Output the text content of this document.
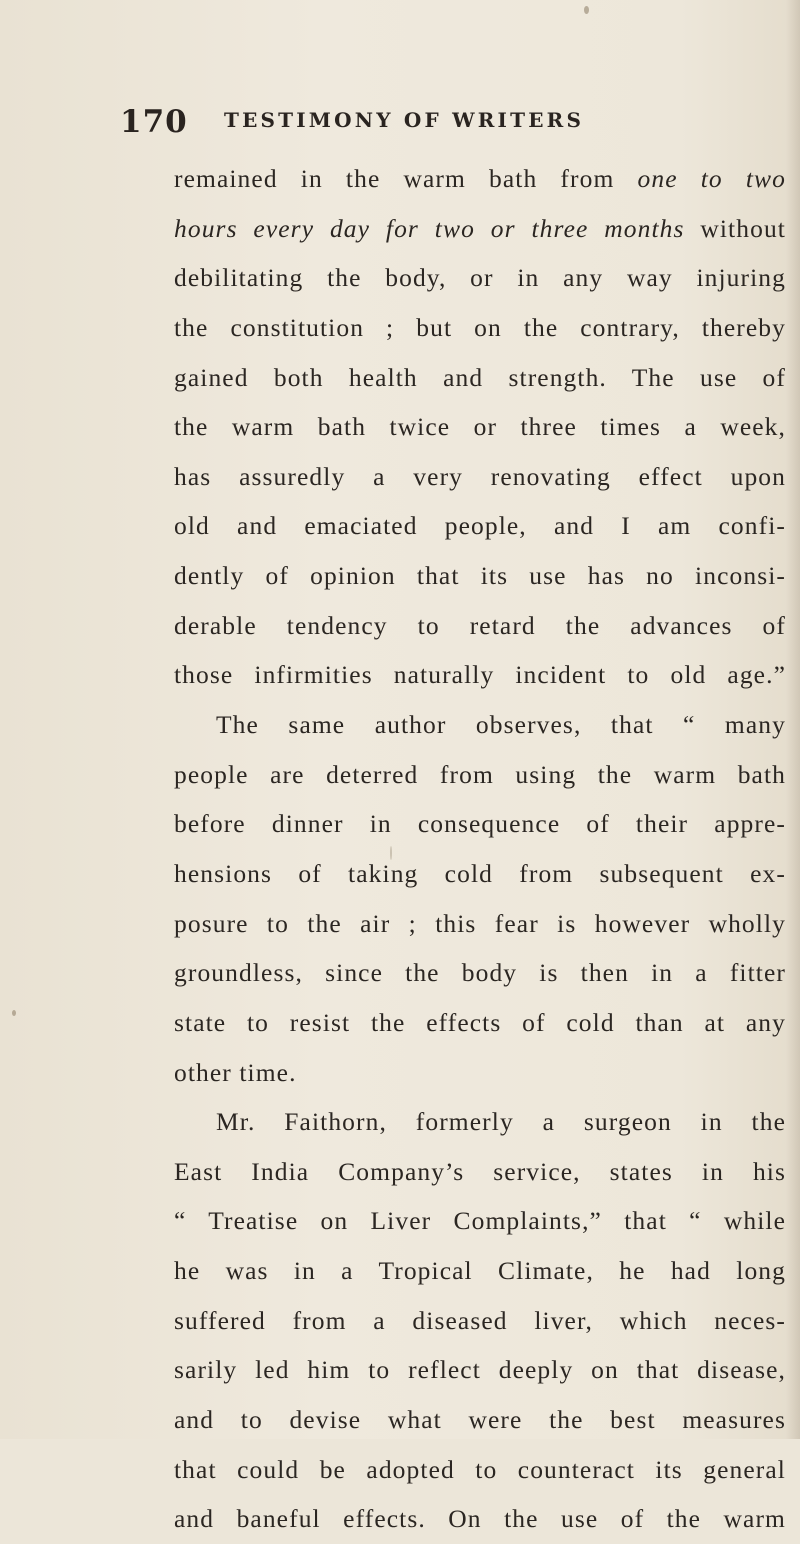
170 TESTIMONY OF WRITERS
remained in the warm bath from one to two
hours every day for two or three months without
debilitating the body, or in any way injuring
the constitution ; but on the contrary, thereby
gained both health and strength. The use of
the warm bath twice or three times a week,
has assuredly a very renovating effect upon
old and emaciated people, and I am confi-
dently of opinion that its use has no inconsi-
derable tendency to retard the advances of
those infirmities naturally incident to old age.”
The same author observes, that “ many
people are deterred from using the warm bath
before dinner in consequence of their appre-
hensions of taking cold from subsequent ex-
posure to the air ; this fear is however wholly
groundless, since the body is then in a fitter
state to resist the effects of cold than at any
other time.
Mr. Faithorn, formerly a surgeon in the
East India Company’s service, states in his
“ Treatise on Liver Complaints,” that “ while
he was in a Tropical Climate, he had long
suffered from a diseased liver, which neces-
sarily led him to reflect deeply on that disease,
and to devise what were the best measures
that could be adopted to counteract its general
and baneful effects. On the use of the warm
